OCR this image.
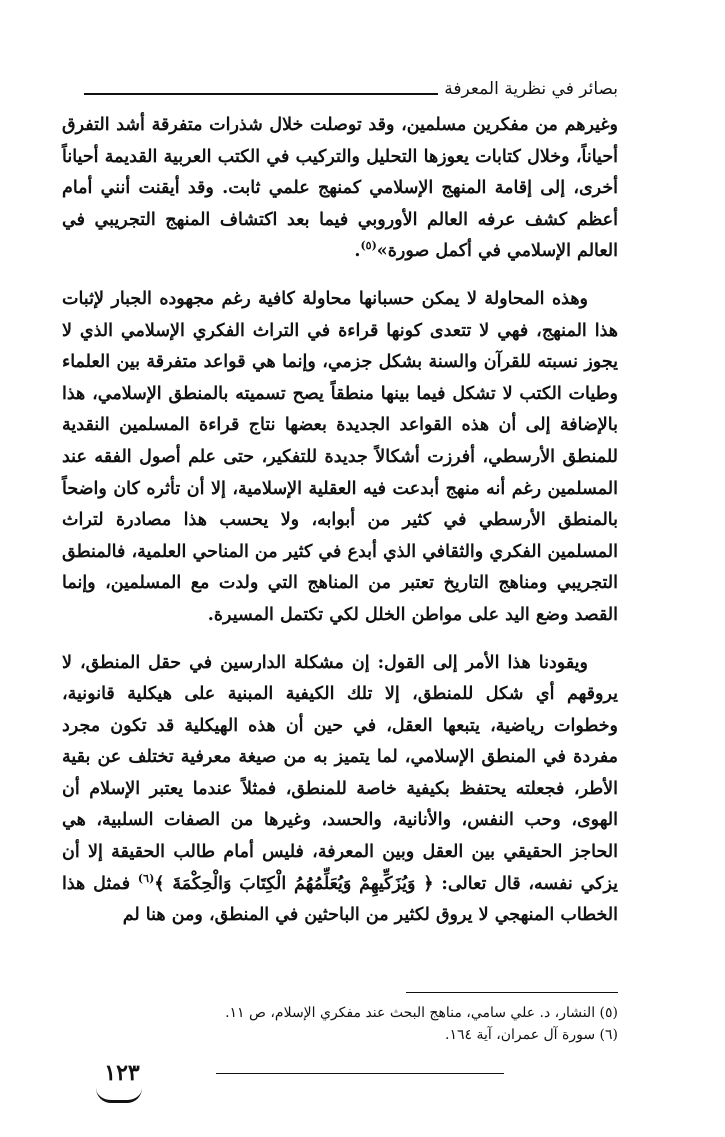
بصائر في نظرية المعرفة

وغيرهم من مفكرين مسلمين، وقد توصلت خلال شذرات متفرقة أشد التفرق أحياناً، وخلال كتابات يعوزها التحليل والتركيب في الكتب العربية القديمة أحياناً أخرى، إلى إقامة المنهج الإسلامي كمنهج علمي ثابت. وقد أيقنت أنني أمام أعظم كشف عرفه العالم الأوروبي فيما بعد اكتشاف المنهج التجريبي في العالم الإسلامي في أكمل صورة»$^{(٥)}$.

وهذه المحاولة لا يمكن حسبانها محاولة كافية رغم مجهوده الجبار لإثبات هذا المنهج، فهي لا تتعدى كونها قراءة في التراث الفكري الإسلامي الذي لا يجوز نسبته للقرآن والسنة بشكل جزمي، وإنما هي قواعد متفرقة بين العلماء وطيات الكتب لا تشكل فيما بينها منطقاً يصح تسميته بالمنطق الإسلامي، هذا بالإضافة إلى أن هذه القواعد الجديدة بعضها نتاج قراءة المسلمين النقدية للمنطق الأرسطي، أفرزت أشكالاً جديدة للتفكير، حتى علم أصول الفقه عند المسلمين رغم أنه منهج أبدعت فيه العقلية الإسلامية، إلا أن تأثره كان واضحاً بالمنطق الأرسطي في كثير من أبوابه، ولا يحسب هذا مصادرة لتراث المسلمين الفكري والثقافي الذي أبدع في كثير من المناحي العلمية، فالمنطق التجريبي ومناهج التاريخ تعتبر من المناهج التي ولدت مع المسلمين، وإنما القصد وضع اليد على مواطن الخلل لكي تكتمل المسيرة.

ويقودنا هذا الأمر إلى القول: إن مشكلة الدارسين في حقل المنطق، لا يروقهم أي شكل للمنطق، إلا تلك الكيفية المبنية على هيكلية قانونية، وخطوات رياضية، يتبعها العقل، في حين أن هذه الهيكلية قد تكون مجرد مفردة في المنطق الإسلامي، لما يتميز به من صيغة معرفية تختلف عن بقية الأطر، فجعلته يحتفظ بكيفية خاصة للمنطق، فمثلاً عندما يعتبر الإسلام أن الهوى، وحب النفس، والأنانية، والحسد، وغيرها من الصفات السلبية، هي الحاجز الحقيقي بين العقل وبين المعرفة، فليس أمام طالب الحقيقة إلا أن يزكي نفسه، قال تعالى: ﴿ وَيُزَكِّيهِمْ وَيُعَلِّمُهُمُ الْكِتَابَ وَالْحِكْمَةَ ﴾$^{(٦)}$ فمثل هذا الخطاب المنهجي لا يروق لكثير من الباحثين في المنطق، ومن هنا لم

(٥) النشار، د. علي سامي، مناهج البحث عند مفكري الإسلام، ص ١١.
(٦) سورة آل عمران، آية ١٦٤.
١٢٣
